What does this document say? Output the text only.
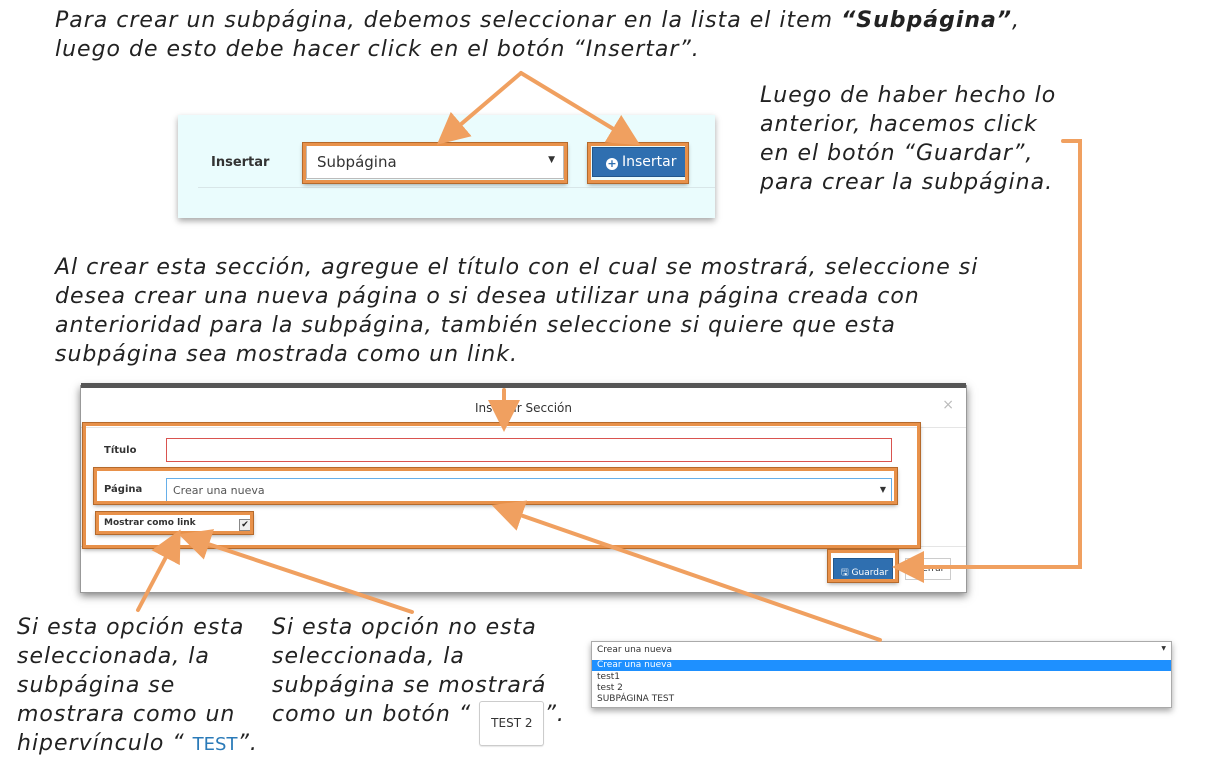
Para crear un subpágina, debemos seleccionar en la lista el item “Subpágina”,
luego de esto debe hacer click en el botón “Insertar”.
Luego de haber hecho lo
anterior, hacemos click
en el botón “Guardar”,
para crear la subpágina.
Insertar	Subpágina	▼	+ Insertar
Al crear esta sección, agregue el título con el cual se mostrará, seleccione si
desea crear una nueva página o si desea utilizar una página creada con
anterioridad para la subpágina, también seleccione si quiere que esta
subpágina sea mostrada como un link.
Insertar Sección	×
Título
Página	Crear una nueva	▼
Mostrar como link	✔
🖫 Guardar	Cerrar
Crear una nueva	▼
Crear una nueva
test1
test 2
SUBPÁGINA TEST
Si esta opción esta
seleccionada, la
subpágina se
mostrara como un
hipervínculo “ TEST”.
Si esta opción no esta
seleccionada, la
subpágina se mostrará
como un botón “ TEST 2 ”.
